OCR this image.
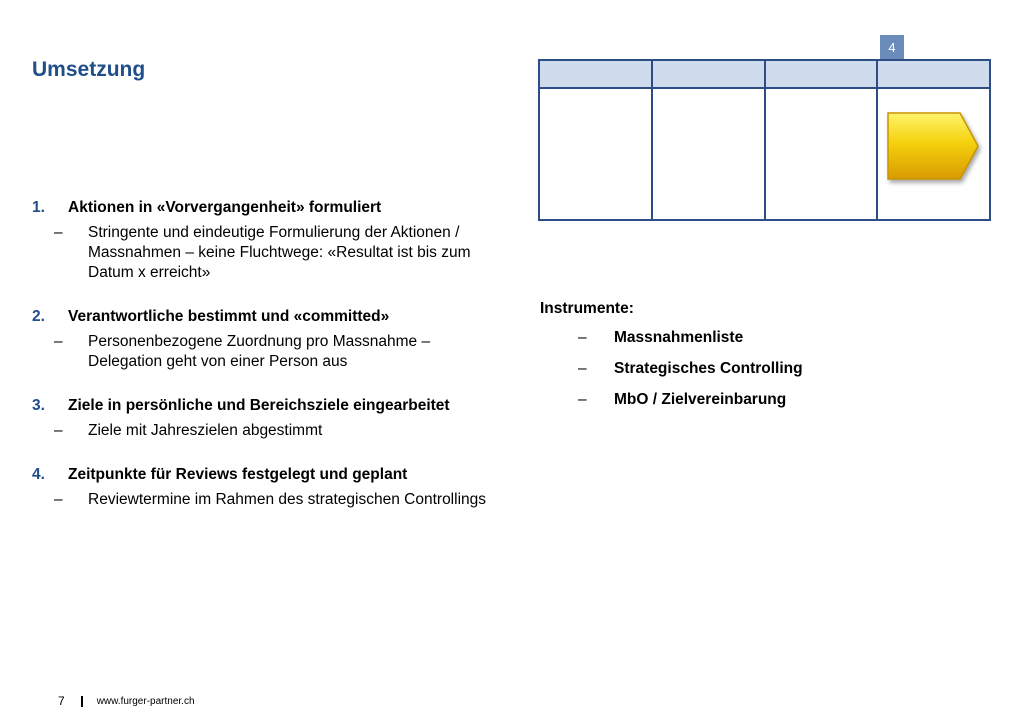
Umsetzung
4

1.	Aktionen in «Vorvergangenheit» formuliert
–	Stringente und eindeutige Formulierung der Aktionen / Massnahmen – keine Fluchtwege: «Resultat ist bis zum Datum x erreicht»
2.	Verantwortliche bestimmt und «committed»
–	Personenbezogene Zuordnung pro Massnahme – Delegation geht von einer Person aus
3.	Ziele in persönliche und Bereichsziele eingearbeitet
–	Ziele mit Jahreszielen abgestimmt
4.	Zeitpunkte für Reviews festgelegt und geplant
–	Reviewtermine im Rahmen des strategischen Controllings

Instrumente:

–	Massnahmenliste
–	Strategisches Controlling
–	MbO / Zielvereinbarung
7	www.furger-partner.ch
